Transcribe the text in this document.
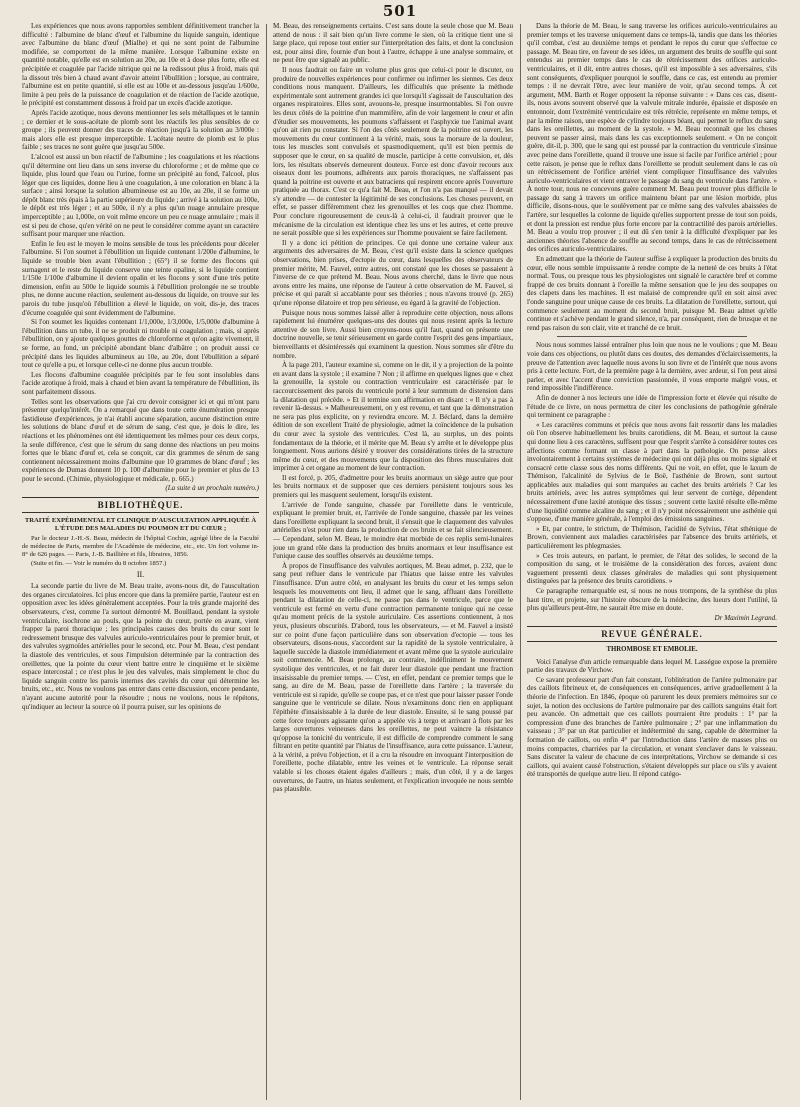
501

Les expériences que nous avons rapportées semblent définitivement trancher la difficulté : l'albumine de blanc d'œuf et l'albumine du liquide sanguin, identique avec l'albumine du blanc d'œuf (Mialhe) et qui ne sont point de l'albumine modifiée, se comportent de la même manière. Lorsque l'albumine existe en quantité notable, qu'elle est en solution au 20e, au 10e et à dose plus forte, elle est précipitée et coagulée par l'acide nitrique qui ne la redissout plus à froid, mais qui la dissout très bien à chaud avant d'avoir atteint l'ébullition ; lorsque, au contraire, l'albumine est en petite quantité, si elle est au 100e et au-dessous jusqu'au 1/600e, limite à peu près de la puissance de coagulation et de réaction de l'acide azotique, le précipité est constamment dissous à froid par un excès d'acide azotique.

Après l'acide azotique, nous devons mentionner les sels métalliques et le tannin ; ce dernier et le sous-acétate de plomb sont les réactifs les plus sensibles de ce groupe ; ils peuvent donner des traces de réaction jusqu'à la solution au 3/000e : mais alors elle est presque imperceptible. L'acétate neutre de plomb est le plus faible ; ses traces ne sont guère que jusqu'au 500e.

L'alcool est aussi un bon réactif de l'albumine ; les coagulations et les réactions qu'il détermine ont lieu dans un sens inverse du chloroforme ; et de même que ce liquide, plus lourd que l'eau ou l'urine, forme un précipité au fond, l'alcool, plus léger que ces liquides, donne lieu à une coagulation, à une coloration en blanc à la surface ; ainsi lorsque la solution albumineuse est au 10e, au 20e, il se forme un dépôt blanc très épais à la partie supérieure du liquide ; arrivé à la solution au 100e, le dépôt est très léger ; et au 500e, il n'y a plus qu'un nuage annulaire presque imperceptible ; au 1,000e, on voit même encore un peu ce nuage annulaire ; mais il est si peu de chose, qu'en vérité on ne peut le considérer comme ayant un caractère suffisant pour marquer une réaction.

Enfin le feu est le moyen le moins sensible de tous les précédents pour déceler l'albumine. Si l'on soumet à l'ébullition un liquide contenant 1/200e d'albumine, le liquide se trouble bien avant l'ébullition ; (65°) il se forme des flocons qui surnagent et le reste du liquide conserve une teinte opaline, si le liquide contient 1/150e 1/100e d'albumine il devient opalin et les flocons y sont d'une très petite dimension, enfin au 500e le liquide soumis à l'ébullition prolongée ne se trouble plus, ne donne aucune réaction, seulement au-dessous du liquide, on trouve sur les parois du tube jusqu'où l'ébullition a élevé le liquide, on voit, dis-je, des traces d'écume coagulée qui sont évidemment de l'albumine.

Si l'on soumet les liquides contenant 1/1,000e, 1/3,000e, 1/5,000e d'albumine à l'ébullition dans un tube, il ne se produit ni trouble ni coagulation ; mais, si après l'ébullition, on y ajoute quelques gouttes de chloroforme et qu'on agite vivement, il se forme, au fond, un précipité abondant blanc d'albâtre ; on produit aussi ce précipité dans les liquides albumineux au 10e, au 20e, dont l'ébullition a séparé tout ce qu'elle a pu, et lorsque celle-ci ne donne plus aucun trouble.

Les flocons d'albumine coagulée précipités par le feu sont insolubles dans l'acide azotique à froid, mais à chaud et bien avant la température de l'ébullition, ils sont parfaitement dissous.

Telles sont les observations que j'ai cru devoir consigner ici et qui m'ont paru présenter quelqu'intérêt. On a remarqué que dans toute cette énumération presque fastidieuse d'expériences, je n'ai établi aucune séparation, aucune distinction entre les solutions de blanc d'œuf et de sérum de sang, c'est que, je dois le dire, les réactions et les phénomènes ont été identiquement les mêmes pour ces deux corps, la seule différence, c'est que le sérum du sang donne des réactions un peu moins fortes que le blanc d'œuf et, cela se conçoit, car dix grammes de sérum de sang contiennent nécessairement moins d'albumine que 10 grammes de blanc d'œuf ; les expériences de Dumas donnent 10 p. 100 d'albumine pour le premier et plus de 13 pour le second. (Chimie, physiologique et médicale, p. 665.)

(La suite à un prochain numéro.)
BIBLIOTHÈQUE.
TRAITÉ EXPÉRIMENTAL ET CLINIQUE D'AUSCULTATION APPLIQUÉE À L'ÉTUDE DES MALADIES DU POUMON ET DU CŒUR ;

Par le docteur J.-H.-S. Beau, médecin de l'hôpital Cochin, agrégé libre de la Faculté de médecine de Paris, membre de l'Académie de médecine, etc., etc. Un fort volume in-8° de 626 pages. — Paris, J.-B. Baillière et fils, libraires, 1856.

(Suite et fin. — Voir le numéro du 8 octobre 1857.)

II.

La seconde partie du livre de M. Beau traite, avons-nous dit, de l'auscultation des organes circulatoires. Ici plus encore que dans la première partie, l'auteur est en opposition avec les idées généralement acceptées. Pour la très grande majorité des observateurs, c'est, comme l'a surtout démontré M. Bouillaud, pendant la systole ventriculaire, isochrone au pouls, que la pointe du cœur, portée en avant, vient frapper la paroi thoracique ; les principales causes des bruits du cœur sont le redressement brusque des valvules auriculo-ventriculaires pour le premier bruit, et des valvules sygmoïdes artérielles pour le second, etc. Pour M. Beau, c'est pendant la diastole des ventricules, et sous l'impulsion déterminée par la contraction des oreillettes, que la pointe du cœur vient battre entre le cinquième et le sixième espace intercostal ; ce n'est plus le jeu des valvules, mais simplement le choc du liquide sanguin contre les parois internes des cavités du cœur qui détermine les bruits, etc., etc. Nous ne voulons pas entrer dans cette discussion, encore pendante, n'ayant aucune autorité pour la résoudre ; nous ne voulons, nous le répétons, qu'indiquer au lecteur la source où il pourra puiser, sur les opinions de

M. Beau, des renseignements certains. C'est sans doute la seule chose que M. Beau attend de nous : il sait bien qu'un livre comme le sien, où la critique tient une si large place, qui repose tout entier sur l'interprétation des faits, et dont la conclusion est, pour ainsi dire, fournie d'un bout à l'autre, échappe à une analyse sommaire, et ne peut être que signalé au public.

Il nous faudrait ou faire un volume plus gros que celui-ci pour le discuter, ou produire de nouvelles expériences pour confirmer ou infirmer les siennes. Ces deux conditions nous manquent. D'ailleurs, les difficultés que présente la méthode expérimentale sont autrement grandes ici que lorsqu'il s'agissait de l'auscultation des organes respiratoires. Elles sont, avouons-le, presque insurmontables. Si l'on ouvre les deux côtés de la poitrine d'un mammifère, afin de voir largement le cœur et afin d'étudier ses mouvements, les poumons s'affaissent et l'asphyxie tue l'animal avant qu'on ait rien pu constater. Si l'on des côtés seulement de la poitrine est ouvert, les mouvements du cœur continuent à la vérité, mais, sous la morsure de la douleur, tous les muscles sont convulsés et spasmodiquement, qu'il est bien permis de supposer que le cœur, en sa qualité de muscle, participe à cette convulsion, et, dès lors, les résultats observés demeurent douteux. Force est donc d'avoir recours aux oiseaux dont les poumons, adhérents aux parois thoraciques, ne s'affaissent pas quand la poitrine est ouverte et aux batraciens qui respirent encore après l'ouverture pratiquée au thorax. C'est ce qu'a fait M. Beau, et l'on n'a pas manqué — il devait s'y attendre — de contester la légitimité de ses conclusions. Les choses peuvent, en effet, se passer différemment chez les grenouilles et les coqs que chez l'homme. Pour conclure rigoureusement de ceux-là à celui-ci, il faudrait prouver que le mécanisme de la circulation est identique chez les uns et les autres, et cette preuve ne serait possible que si les expériences sur l'homme pouvaient se faire facilement.

Il y a donc ici pétition de principes. Ce qui donne une certaine valeur aux arguments des adversaires de M. Beau, c'est qu'il existe dans la science quelques observations, bien prises, d'ectopie du cœur, dans lesquelles des observateurs de premier mérite, M. Fauvel, entre autres, ont constaté que les choses se passaient à l'inverse de ce que prétend M. Beau. Nous avons cherché, dans le livre que nous avons entre les mains, une réponse de l'auteur à cette observation de M. Fauvel, si précise et qui paraît si accablante pour ses théories ; nous n'avons trouvé (p. 265) qu'une réponse dilatoire et trop peu sérieuse, eu égard à la gravité de l'objection.

Puisque nous nous sommes laissé aller à reproduire cette objection, nous allons rapidement lui énumérer quelques-uns des doutes qui nous restent après la lecture attentive de son livre. Aussi bien croyons-nous qu'il faut, quand on présente une doctrine nouvelle, se tenir sérieusement en garde contre l'esprit des gens impartiaux, bienveillants et désintéressés qui examinent la question. Nous sommes sûr d'être du nombre.

À la page 201, l'auteur examine si, comme on le dit, il y a projection de la pointe en avant dans la systole ; il examine ? Non ; il affirme en quelques lignes que « chez la grenouille, la systole ou contraction ventriculaire est caractérisée par le raccourcissement des parois du ventricule porté à leur summum de distension dans la dilatation qui précède. » Et il termine son affirmation en disant : « Il n'y a pas à revenir là-dessus. » Malheureusement, on y est revenu, et tant que la démonstration ne sera pas plus explicite, on y reviendra encore. M. J. Béclard, dans la dernière édition de son excellent Traité de physiologie, admet la coïncidence de la pulsation du cœur avec la systole des ventricules. C'est là, au surplus, un des points fondamentaux de la théorie, et il mérite que M. Beau s'y arrête et le développe plus longuement. Nous aurions désiré y trouver des considérations tirées de la structure même du cœur, et des mouvements que la disposition des fibres musculaires doit imprimer à cet organe au moment de leur contraction.

Il est forcé, p. 205, d'admettre pour les bruits anormaux un siège autre que pour les bruits normaux et de supposer que ces derniers persistent toujours sous les premiers qui les masquent seulement, lorsqu'ils existent.

L'arrivée de l'onde sanguine, chassée par l'oreillette dans le ventricule, expliquant le premier bruit, et, l'arrivée de l'onde sanguine, chassée par les veines dans l'oreillette expliquant la second bruit, il s'ensuit que le claquement des valvules artérielles n'est pour rien dans la production de ces bruits et se fait silencieusement. — Cependant, selon M. Beau, le moindre état morbide de ces replis semi-lunaires joue un grand rôle dans la production des bruits anormaux et leur insuffisance est l'unique cause des souffles observés au deuxième temps.

À propos de l'insuffisance des valvules aortiques, M. Beau admet, p. 232, que le sang peut refluer dans le ventricule par l'hiatus que laisse entre les valvules l'insuffisance. D'un autre côté, en analysant les bruits du cœur et les temps selon lesquels les mouvements ont lieu, il admet que le sang, affluant dans l'oreillette pendant la dilatation de celle-ci, ne passe pas dans le ventricule, parce que le ventricule est fermé en vertu d'une contraction permanente tonique qui ne cesse qu'au moment précis de la systole auriculaire. Ces assertions contiennent, à nos yeux, plusieurs obscurités. D'abord, tous les observateurs, — et M. Fauvel a insisté sur ce point d'une façon particulière dans son observation d'ectopie — tous les observateurs, disons-nous, s'accordent sur la rapidité de la systole ventriculaire, à laquelle succède la diastole immédiatement et avant même que la systole auriculaire soit commencée. M. Beau prolonge, au contraire, indéfiniment le mouvement systolique des ventricules, et ne fait durer leur diastole que pendant une fraction insaisissable du premier temps. — C'est, en effet, pendant ce premier temps que le sang, au dire de M. Beau, passe de l'oreillette dans l'artère ; la traversée du ventricule est si rapide, qu'elle se coupe pas, et ce n'est que pour laisser passer l'onde sanguine que le ventricule se dilate. Nous n'examinons donc rien en appliquant l'épithète d'insaisissable à la durée de leur diastole. Ensuite, si le sang poussé par cette force toujours agissante qu'on a appelée vis à tergo et arrivant à flots par les larges ouvertures veineuses dans les oreillettes, ne peut vaincre la résistance qu'oppose la tonicité du ventricule, il est difficile de comprendre comment le sang filtrant en petite quantité par l'hiatus de l'insuffisance, aura cette puissance. L'auteur, à la vérité, a prévu l'objection, et il a cru la résoudre en invoquant l'interposition de l'oreillette, poche dilatable, entre les veines et le ventricule. La réponse serait valable si les choses étaient égales d'ailleurs ; mais, d'un côté, il y a de larges ouvertures, de l'autre, un hiatus seulement, et l'explication invoquée ne nous semble pas plausible.

Dans la théorie de M. Beau, le sang traverse les orifices auriculo-ventriculaires au premier temps et les traverse uniquement dans ce temps-là, tandis que dans les théories qu'il combat, c'est au deuxième temps et pendant le repos du cœur que s'effectue ce passage. M. Beau tire, en faveur de ses idées, un argument des bruits de souffle qui sont entendus au premier temps dans le cas de rétrécissement des orifices auriculo-ventriculaires, et il dit, entre autres choses, qu'il est impossible à ses adversaires, s'ils sont conséquents, d'expliquer pourquoi le souffle, dans ce cas, est entendu au premier temps : il ne devrait l'être, avec leur manière de voir, qu'au second temps. À cet argument, MM. Barth et Roger opposent la réponse suivante : « Dans ces cas, disent-ils, nous avons souvent observé que la valvule mitrale indurée, épaissie et disposée en entonnoir, dont l'extrémité ventriculaire est très rétrécie, représente en même temps, et par la même raison, une espèce de cylindre toujours béant, qui permet le reflux du sang dans les oreillettes, au moment de la systole. » M. Beau reconnaît que les choses peuvent se passer ainsi, mais dans les cas exceptionnels seulement. « On ne conçoit guère, dit-il, p. 300, que le sang qui est poussé par la contraction du ventricule s'insinue avec peine dans l'oreillette, quand il trouve une issue si facile par l'orifice artériel ; pour cette raison, je pense que le reflux dans l'oreillette se produit seulement dans le cas où un rétrécissement de l'orifice artériel vient compliquer l'insuffisance des valvules auriculo-ventriculaires et vient entraver le passage du sang du ventricule dans l'artère. » À notre tour, nous ne concevons guère comment M. Beau peut trouver plus difficile le passage du sang à travers un orifice maintenu béant par une lésion morbide, plus difficile, disons-nous, que le soulèvement par ce même sang des valvules abaissées de l'artère, sur lesquelles la colonne de liquide qu'elles supportent presse de tout son poids, et dont la pression est rendue plus forte encore par la contractilité des parois artérielles. M. Beau a voulu trop prouver ; il eut dû s'en tenir à la difficulté d'expliquer par les anciennes théories l'absence de souffle au second temps, dans le cas de rétrécissement des orifices auriculo-ventriculaires.

En admettant que la théorie de l'auteur suffise à expliquer la production des bruits du cœur, elle nous semble impuissante à rendre compte de la netteté de ces bruits à l'état normal. Tous, ou presque tous les physiologistes ont signalé le caractère bref et comme frappé de ces bruits donnant à l'oreille la même sensation que le jeu des soupapes ou des clapets dans les machines. Il est malaisé de comprendre qu'il en soit ainsi avec l'onde sanguine pour unique cause de ces bruits. La dilatation de l'oreillette, surtout, qui commence seulement au moment du second bruit, puisque M. Beau admet qu'elle continue et s'achève pendant le grand silence, n'a, par conséquent, rien de brusque et ne rend pas raison du son clair, vite et tranché de ce bruit.

Nous nous sommes laissé entraîner plus loin que nous ne le voulions ; que M. Beau voie dans ces objections, ou plutôt dans ces doutes, des demandes d'éclaircissements, la preuve de l'attention avec laquelle nous avons lu son livre et de l'intérêt que nous avons pris à cette lecture. Fort, de la première page à la dernière, avec ardeur, si l'on peut ainsi parler, et avec l'accent d'une conviction passionnée, il vous emporte malgré vous, et rend impossible l'indifférence.

Afin de donner à nos lecteurs une idée de l'impression forte et élevée qui résulte de l'étude de ce livre, on nous permettra de citer les conclusions de pathogénie générale qui terminent ce paragraphe :

« Les caractères communs et précis que nous avons fait ressortir dans les maladies où l'on observe habituellement les bruits carotidiens, dit M. Beau, et surtout la cause qui donne lieu à ces caractères, suffisent pour que l'esprit s'arrête à considérer toutes ces affections comme formant un classe à part dans la pathologie. On pense alors involontairement à certains systèmes de médecine qui ont déjà plus ou moins signalé et consacré cette classe sous des noms différents. Qui ne voit, en effet, que le laxum de Thémison, l'alcalinité de Sylvius de le Boë, l'asthénie de Brown, sont surtout applicables aux maladies qui sont marquées au cachet des bruits artériels ? Car les bruits artériels, avec les autres symptômes qui leur servent de cortège, dépendent nécessairement d'une laxité atonique des tissus ; souvent cette laxité résulte elle-même d'une liquidité comme alcaline du sang ; et il n'y point nécessairement une asthénie qui s'oppose, d'une manière générale, à l'emploi des émissions sanguines.

» Et, par contre, le strictum, de Thémison, l'acidité de Sylvius, l'état sthénique de Brown, conviennent aux maladies caractérisées par l'absence des bruits artériels, et particulièrement les phlegmasies.

» Ces trois auteurs, en parlant, le premier, de l'état des solides, le second de la composition du sang, et le troisième de la considération des forces, avaient donc vaguement pressenti deux classes générales de maladies qui sont physiquement distinguées par la présence des bruits carotidiens. »

Ce paragraphe remarquable est, si nous ne nous trompons, de la synthèse du plus haut titre, et projette, sur l'histoire obscure de la médecine, des lueurs dont l'utilité, là plus qu'ailleurs peut-être, ne saurait être mise en doute.

Dr Maximin Legrand.
REVUE GÉNÉRALE.
THROMBOSE ET EMBOLIE.

Voici l'analyse d'un article remarquable dans lequel M. Lasségue expose la première partie des travaux de Virchow.

Ce savant professeur part d'un fait constant, l'oblitération de l'artère pulmonaire par des caillots fibrineux et, de conséquences en conséquences, arrive graduellement à la théorie de l'infection. En 1846, époque où parurent les deux premiers mémoires sur ce sujet, la notion des occlusions de l'artère pulmonaire par des caillots sanguins était fort peu avancée. On admettait que ces caillots pourraient être produits : 1° par la compression d'une des branches de l'artère pulmonaire ; 2° par une inflammation du vaisseau ; 3° par un état particulier et indéterminé du sang, capable de déterminer la formation de caillots, ou enfin 4° par l'introduction dans l'artère de masses plus ou moins compactes, charriées par la circulation, et venant s'enclaver dans le vaisseau. Sans discuter la valeur de chacune de ces interprétations, Virchow se demande si ces caillots, qui avaient causé l'obstruction, s'étaient développés sur place ou s'ils y avaient été transportés de quelque autre lieu. Il répond catégo-
